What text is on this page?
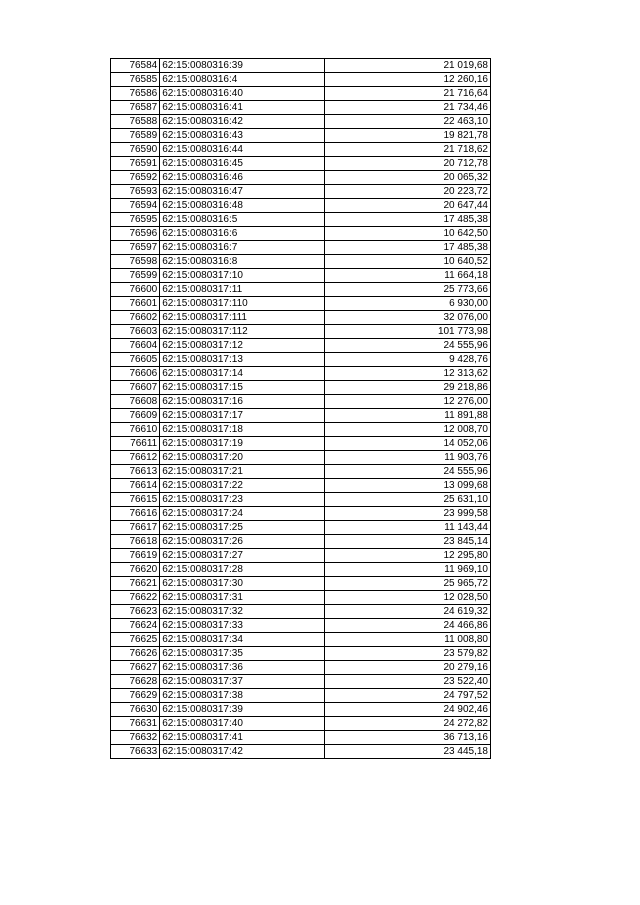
76584	62:15:0080316:39	21 019,68
76585	62:15:0080316:4	12 260,16
76586	62:15:0080316:40	21 716,64
76587	62:15:0080316:41	21 734,46
76588	62:15:0080316:42	22 463,10
76589	62:15:0080316:43	19 821,78
76590	62:15:0080316:44	21 718,62
76591	62:15:0080316:45	20 712,78
76592	62:15:0080316:46	20 065,32
76593	62:15:0080316:47	20 223,72
76594	62:15:0080316:48	20 647,44
76595	62:15:0080316:5	17 485,38
76596	62:15:0080316:6	10 642,50
76597	62:15:0080316:7	17 485,38
76598	62:15:0080316:8	10 640,52
76599	62:15:0080317:10	11 664,18
76600	62:15:0080317:11	25 773,66
76601	62:15:0080317:110	6 930,00
76602	62:15:0080317:111	32 076,00
76603	62:15:0080317:112	101 773,98
76604	62:15:0080317:12	24 555,96
76605	62:15:0080317:13	9 428,76
76606	62:15:0080317:14	12 313,62
76607	62:15:0080317:15	29 218,86
76608	62:15:0080317:16	12 276,00
76609	62:15:0080317:17	11 891,88
76610	62:15:0080317:18	12 008,70
76611	62:15:0080317:19	14 052,06
76612	62:15:0080317:20	11 903,76
76613	62:15:0080317:21	24 555,96
76614	62:15:0080317:22	13 099,68
76615	62:15:0080317:23	25 631,10
76616	62:15:0080317:24	23 999,58
76617	62:15:0080317:25	11 143,44
76618	62:15:0080317:26	23 845,14
76619	62:15:0080317:27	12 295,80
76620	62:15:0080317:28	11 969,10
76621	62:15:0080317:30	25 965,72
76622	62:15:0080317:31	12 028,50
76623	62:15:0080317:32	24 619,32
76624	62:15:0080317:33	24 466,86
76625	62:15:0080317:34	11 008,80
76626	62:15:0080317:35	23 579,82
76627	62:15:0080317:36	20 279,16
76628	62:15:0080317:37	23 522,40
76629	62:15:0080317:38	24 797,52
76630	62:15:0080317:39	24 902,46
76631	62:15:0080317:40	24 272,82
76632	62:15:0080317:41	36 713,16
76633	62:15:0080317:42	23 445,18
